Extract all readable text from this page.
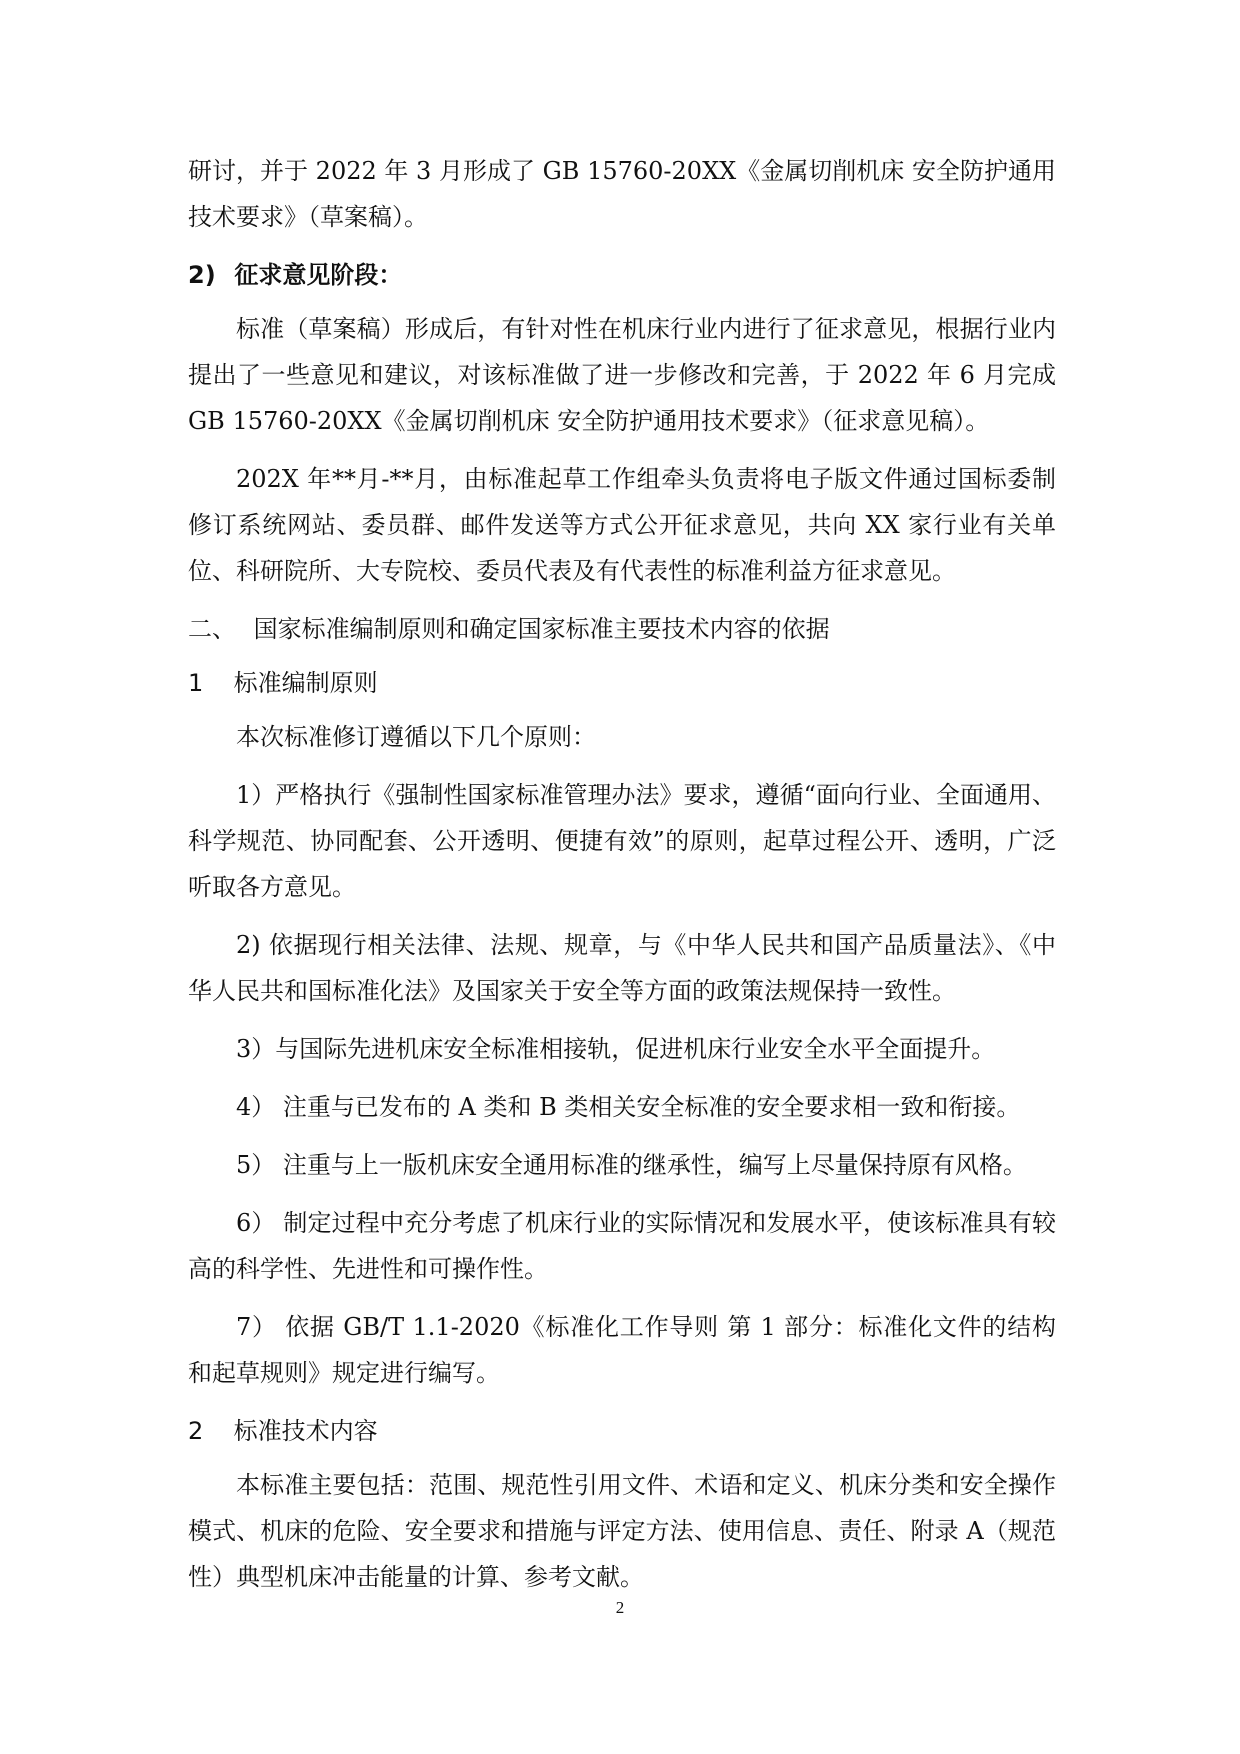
研讨，并于 2022 年 3 月形成了 GB 15760-20XX《金属切削机床 安全防护通用技术要求》（草案稿）。

2) 征求意见阶段：

标准（草案稿）形成后，有针对性在机床行业内进行了征求意见，根据行业内提出了一些意见和建议，对该标准做了进一步修改和完善，于 2022 年 6 月完成 GB 15760-20XX《金属切削机床 安全防护通用技术要求》（征求意见稿）。

202X 年**月-**月，由标准起草工作组牵头负责将电子版文件通过国标委制修订系统网站、委员群、邮件发送等方式公开征求意见，共向 XX 家行业有关单位、科研院所、大专院校、委员代表及有代表性的标准利益方征求意见。

二、 国家标准编制原则和确定国家标准主要技术内容的依据
1 标准编制原则

本次标准修订遵循以下几个原则：

1）严格执行《强制性国家标准管理办法》要求，遵循“面向行业、全面通用、科学规范、协同配套、公开透明、便捷有效”的原则，起草过程公开、透明，广泛听取各方意见。

2) 依据现行相关法律、法规、规章，与《中华人民共和国产品质量法》、《中华人民共和国标准化法》及国家关于安全等方面的政策法规保持一致性。

3）与国际先进机床安全标准相接轨，促进机床行业安全水平全面提升。

4） 注重与已发布的 A 类和 B 类相关安全标准的安全要求相一致和衔接。

5） 注重与上一版机床安全通用标准的继承性，编写上尽量保持原有风格。

6） 制定过程中充分考虑了机床行业的实际情况和发展水平，使该标准具有较高的科学性、先进性和可操作性。

7） 依据 GB/T 1.1-2020《标准化工作导则 第 1 部分：标准化文件的结构和起草规则》规定进行编写。

2 标准技术内容

本标准主要包括：范围、规范性引用文件、术语和定义、机床分类和安全操作模式、机床的危险、安全要求和措施与评定方法、使用信息、责任、附录 A（规范性）典型机床冲击能量的计算、参考文献。

2
